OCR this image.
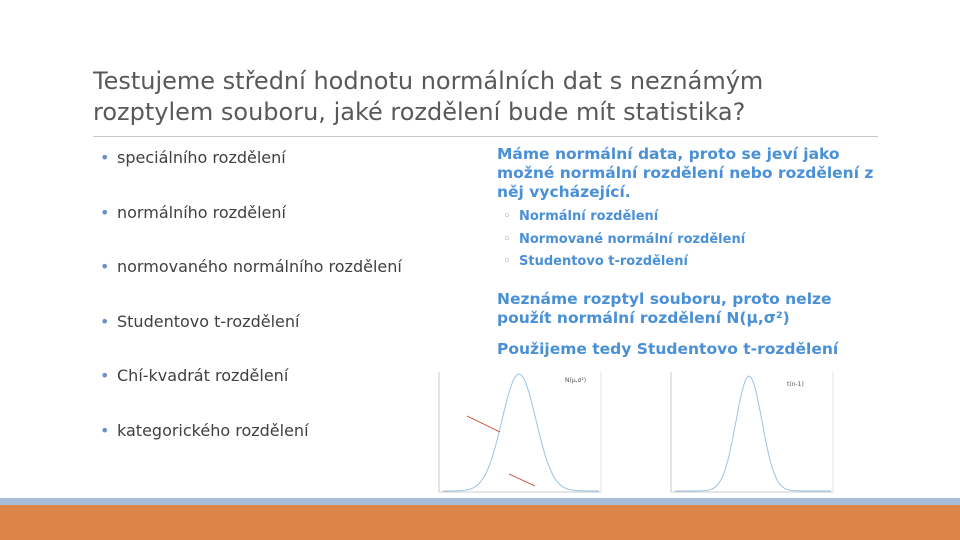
Testujeme střední hodnotu normálních dat s neznámým rozptylem souboru, jaké rozdělení bude mít statistika?
• speciálního rozdělení
• normálního rozdělení
• normovaného normálního rozdělení
• Studentovo t-rozdělení
• Chí-kvadrát rozdělení
• kategorického rozdělení

Máme normální data, proto se jeví jako možné normální rozdělení nebo rozdělení z něj vycházející.

◦ Normální rozdělení
◦ Normované normální rozdělení
◦ Studentovo t-rozdělení

Neznáme rozptyl souboru, proto nelze použít normální rozdělení N(μ,σ²)

Použijeme tedy Studentovo t-rozdělení

N(μ,σ²)
t(n-1)
